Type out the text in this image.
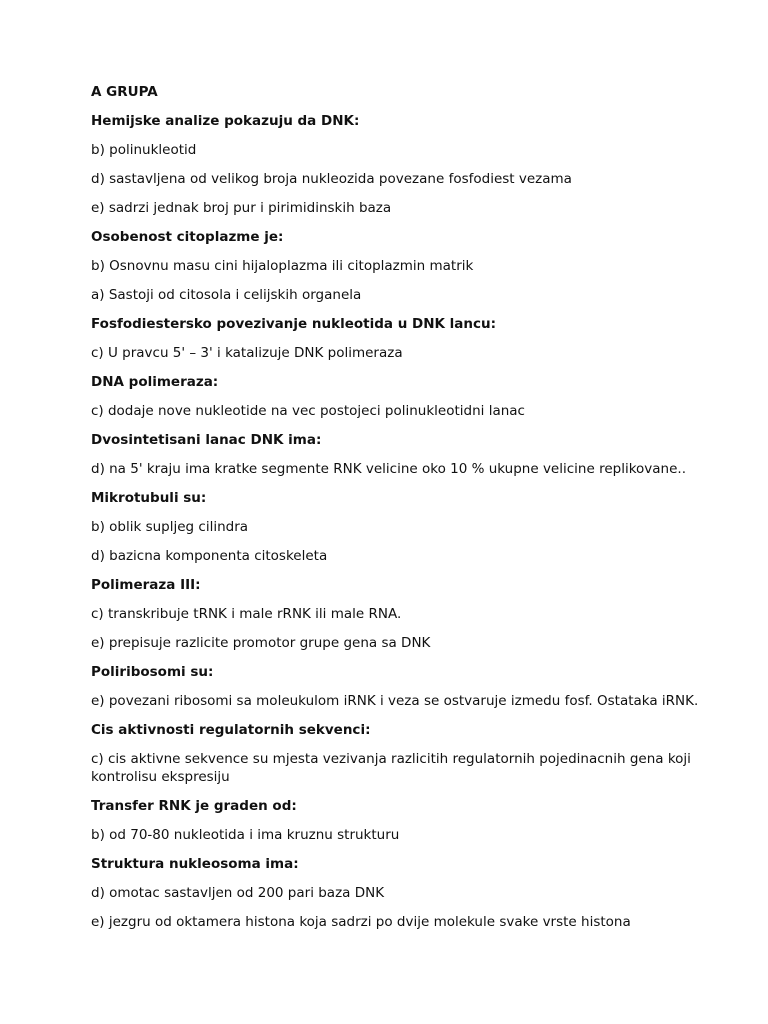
A GRUPA
Hemijske analize pokazuju da DNK:
b) polinukleotid
d) sastavljena od velikog broja nukleozida povezane fosfodiest vezama
e) sadrzi jednak broj pur i pirimidinskih baza
Osobenost citoplazme je:
b) Osnovnu masu cini hijaloplazma ili citoplazmin matrik
a) Sastoji od citosola i celijskih organela
Fosfodiestersko povezivanje nukleotida u DNK lancu:
c) U pravcu 5' – 3' i katalizuje DNK polimeraza
DNA polimeraza:
c) dodaje nove nukleotide na vec postojeci polinukleotidni lanac
Dvosintetisani lanac DNK ima:
d) na 5' kraju ima kratke segmente RNK velicine oko 10 % ukupne velicine replikovane..
Mikrotubuli su:
b) oblik supljeg cilindra
d) bazicna komponenta citoskeleta
Polimeraza III:
c) transkribuje tRNK i male rRNK ili male RNA.
e) prepisuje razlicite promotor grupe gena sa DNK
Poliribosomi su:
e) povezani ribosomi sa moleukulom iRNK i veza se ostvaruje izmedu fosf. Ostataka iRNK.
Cis aktivnosti regulatornih sekvenci:
c) cis aktivne sekvence su mjesta vezivanja razlicitih regulatornih pojedinacnih gena koji kontrolisu ekspresiju
Transfer RNK je graden od:
b) od 70-80 nukleotida i ima kruznu strukturu
Struktura nukleosoma ima:
d) omotac sastavljen od 200 pari baza DNK
e) jezgru od oktamera histona koja sadrzi po dvije molekule svake vrste histona
